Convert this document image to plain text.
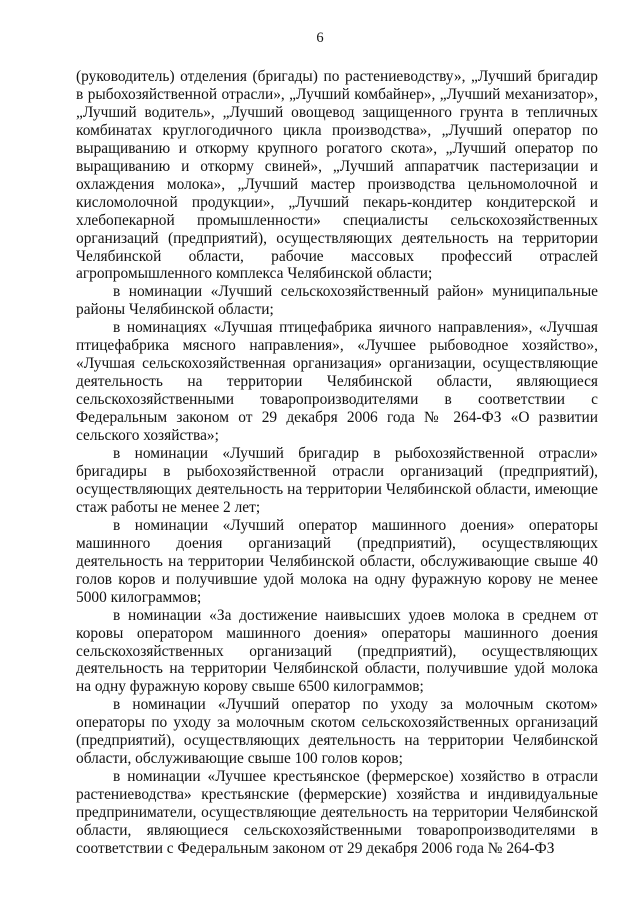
6

(руководитель) отделения (бригады) по растениеводству», „Лучший бригадир в рыбохозяйственной отрасли», „Лучший комбайнер», „Лучший механизатор», „Лучший водитель», „Лучший овощевод защищенного грунта в тепличных комбинатах круглогодичного цикла производства», „Лучший оператор по выращиванию и откорму крупного рогатого скота», „Лучший оператор по выращиванию и откорму свиней», „Лучший аппаратчик пастеризации и охлаждения молока», „Лучший мастер производства цельномолочной и кисломолочной продукции», „Лучший пекарь-кондитер кондитерской и хлебопекарной промышленности» специалисты сельскохозяйственных организаций (предприятий), осуществляющих деятельность на территории Челябинской области, рабочие массовых профессий отраслей агропромышленного комплекса Челябинской области;

в номинации «Лучший сельскохозяйственный район» муниципальные районы Челябинской области;

в номинациях «Лучшая птицефабрика яичного направления», «Лучшая птицефабрика мясного направления», «Лучшее рыбоводное хозяйство», «Лучшая сельскохозяйственная организация» организации, осуществляющие деятельность на территории Челябинской области, являющиеся сельскохозяйственными товаропроизводителями в соответствии с Федеральным законом от 29 декабря 2006 года № 264-ФЗ «О развитии сельского хозяйства»;

в номинации «Лучший бригадир в рыбохозяйственной отрасли» бригадиры в рыбохозяйственной отрасли организаций (предприятий), осуществляющих деятельность на территории Челябинской области, имеющие стаж работы не менее 2 лет;

в номинации «Лучший оператор машинного доения» операторы машинного доения организаций (предприятий), осуществляющих деятельность на территории Челябинской области, обслуживающие свыше 40 голов коров и получившие удой молока на одну фуражную корову не менее 5000 килограммов;

в номинации «За достижение наивысших удоев молока в среднем от коровы оператором машинного доения» операторы машинного доения сельскохозяйственных организаций (предприятий), осуществляющих деятельность на территории Челябинской области, получившие удой молока на одну фуражную корову свыше 6500 килограммов;

в номинации «Лучший оператор по уходу за молочным скотом» операторы по уходу за молочным скотом сельскохозяйственных организаций (предприятий), осуществляющих деятельность на территории Челябинской области, обслуживающие свыше 100 голов коров;

в номинации «Лучшее крестьянское (фермерское) хозяйство в отрасли растениеводства» крестьянские (фермерские) хозяйства и индивидуальные предприниматели, осуществляющие деятельность на территории Челябинской области, являющиеся сельскохозяйственными товаропроизводителями в соответствии с Федеральным законом от 29 декабря 2006 года № 264-ФЗ
